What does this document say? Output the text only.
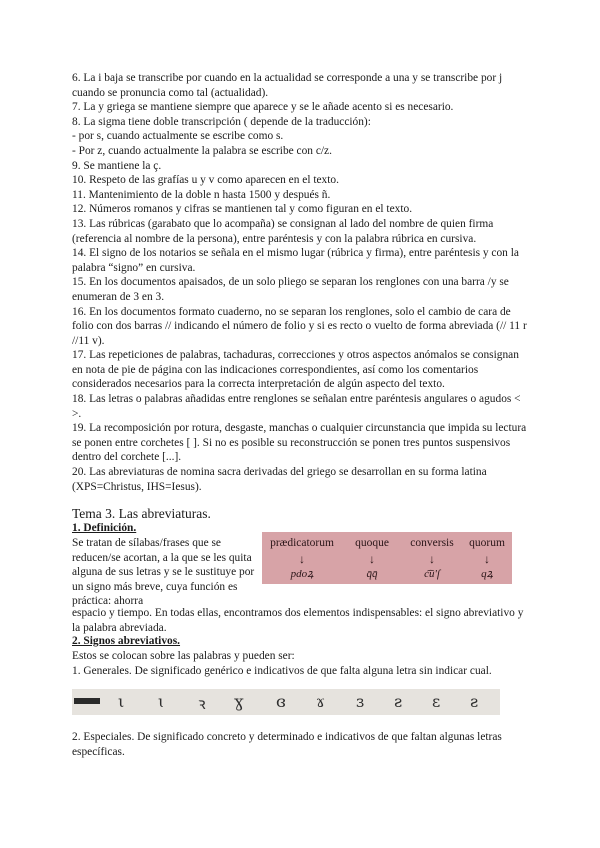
6. La i baja se transcribe por cuando en la actualidad se corresponde a una y se transcribe por j cuando se pronuncia como tal (actualidad).

7. La y griega se mantiene siempre que aparece y se le añade acento si es necesario.

8. La sigma tiene doble transcripción ( depende de la traducción):

- por s, cuando actualmente se escribe como s.

- Por z, cuando actualmente la palabra se escribe con c/z.

9. Se mantiene la ç.

10. Respeto de las grafías u y v como aparecen en el texto.

11. Mantenimiento de la doble n hasta 1500 y después ñ.

12. Números romanos y cifras se mantienen tal y como figuran en el texto.

13. Las rúbricas (garabato que lo acompaña) se consignan al lado del nombre de quien firma (referencia al nombre de la persona), entre paréntesis y con la palabra rúbrica en cursiva.

14. El signo de los notarios se señala en el mismo lugar (rúbrica y firma), entre paréntesis y con la palabra “signo” en cursiva.

15. En los documentos apaisados, de un solo pliego se separan los renglones con una barra /y se enumeran de 3 en 3.

16. En los documentos formato cuaderno, no se separan los renglones, solo el cambio de cara de folio con dos barras // indicando el número de folio y si es recto o vuelto de forma abreviada (// 11 r //11 v).

17. Las repeticiones de palabras, tachaduras, correcciones y otros aspectos anómalos se consignan en nota de pie de página con las indicaciones correspondientes, así como los comentarios considerados necesarios para la correcta interpretación de algún aspecto del texto.

18. Las letras o palabras añadidas entre renglones se señalan entre paréntesis angulares o agudos < >.

19. La recomposición por rotura, desgaste, manchas o cualquier circunstancia que impida su lectura se ponen entre corchetes [ ]. Si no es posible su reconstrucción se ponen tres puntos suspensivos dentro del corchete [...].

20. Las abreviaturas de nomina sacra derivadas del griego se desarrollan en su forma latina (XPS=Christus, IHS=Iesus).

Tema 3. Las abreviaturas.
1. Definición.
Se tratan de sílabas/frases que se reducen/se acortan, a la que se les quita alguna de sus letras y se le sustituye por un signo más breve, cuya función es práctica: ahorra
prædicatorum
↓
pdoꝝ
quoque
↓
q̄q̄
conversis
↓
c͡u'ſ
quorum
↓
qꝝ
espacio y tiempo. En todas ellas, encontramos dos elementos indispensables: el signo abreviativo y la palabra abreviada.
2. Signos abreviativos.

Estos se colocan sobre las palabras y pueden ser:

1. Generales. De significado genérico e indicativos de que falta alguna letra sin indicar cual.

ι ɩ ꝛ ɣ ɞ ɤ ɜ ƨ ɛ ƨ
2. Especiales. De significado concreto y determinado e indicativos de que faltan algunas letras específicas.
